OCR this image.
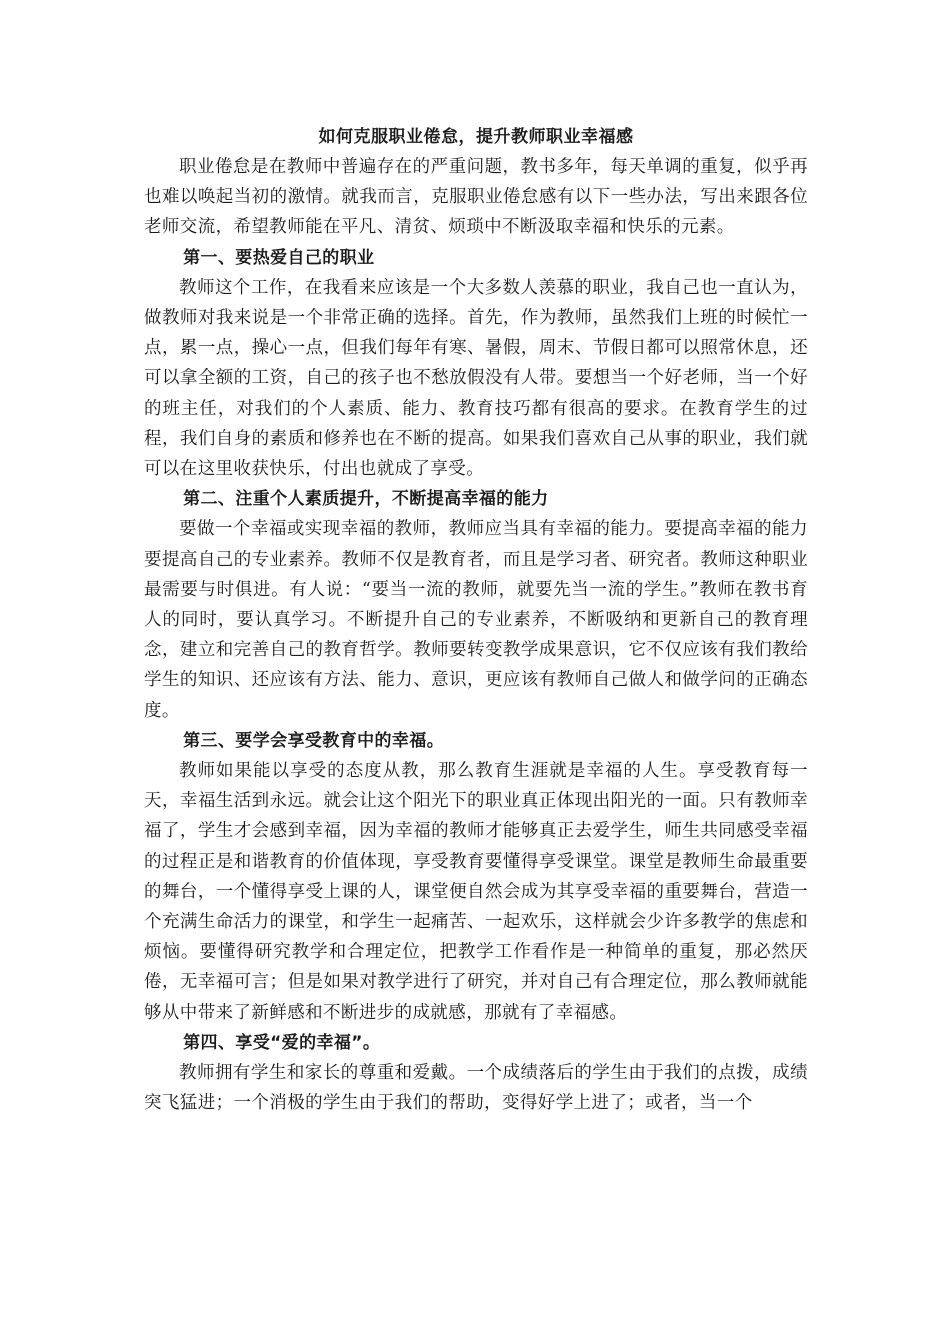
如何克服职业倦怠，提升教师职业幸福感

职业倦怠是在教师中普遍存在的严重问题，教书多年，每天单调的重复，似乎再也难以唤起当初的激情。就我而言，克服职业倦怠感有以下一些办法，写出来跟各位老师交流，希望教师能在平凡、清贫、烦琐中不断汲取幸福和快乐的元素。

第一、要热爱自己的职业

教师这个工作，在我看来应该是一个大多数人羡慕的职业，我自己也一直认为，做教师对我来说是一个非常正确的选择。首先，作为教师，虽然我们上班的时候忙一点，累一点，操心一点，但我们每年有寒、暑假，周末、节假日都可以照常休息，还可以拿全额的工资，自己的孩子也不愁放假没有人带。要想当一个好老师，当一个好的班主任，对我们的个人素质、能力、教育技巧都有很高的要求。在教育学生的过程，我们自身的素质和修养也在不断的提高。如果我们喜欢自己从事的职业，我们就可以在这里收获快乐，付出也就成了享受。

第二、注重个人素质提升，不断提高幸福的能力

要做一个幸福或实现幸福的教师，教师应当具有幸福的能力。要提高幸福的能力要提高自己的专业素养。教师不仅是教育者，而且是学习者、研究者。教师这种职业最需要与时俱进。有人说：“要当一流的教师，就要先当一流的学生。”教师在教书育人的同时，要认真学习。不断提升自己的专业素养，不断吸纳和更新自己的教育理念，建立和完善自己的教育哲学。教师要转变教学成果意识，它不仅应该有我们教给学生的知识、还应该有方法、能力、意识，更应该有教师自己做人和做学问的正确态度。

第三、要学会享受教育中的幸福。

教师如果能以享受的态度从教，那么教育生涯就是幸福的人生。享受教育每一天，幸福生活到永远。就会让这个阳光下的职业真正体现出阳光的一面。只有教师幸福了，学生才会感到幸福，因为幸福的教师才能够真正去爱学生，师生共同感受幸福的过程正是和谐教育的价值体现，享受教育要懂得享受课堂。课堂是教师生命最重要的舞台，一个懂得享受上课的人，课堂便自然会成为其享受幸福的重要舞台，营造一个充满生命活力的课堂，和学生一起痛苦、一起欢乐，这样就会少许多教学的焦虑和烦恼。要懂得研究教学和合理定位，把教学工作看作是一种简单的重复，那必然厌倦，无幸福可言；但是如果对教学进行了研究，并对自己有合理定位，那么教师就能够从中带来了新鲜感和不断进步的成就感，那就有了幸福感。

第四、享受“爱的幸福”。

教师拥有学生和家长的尊重和爱戴。一个成绩落后的学生由于我们的点拨，成绩突飞猛进；一个消极的学生由于我们的帮助，变得好学上进了；或者，当一个
